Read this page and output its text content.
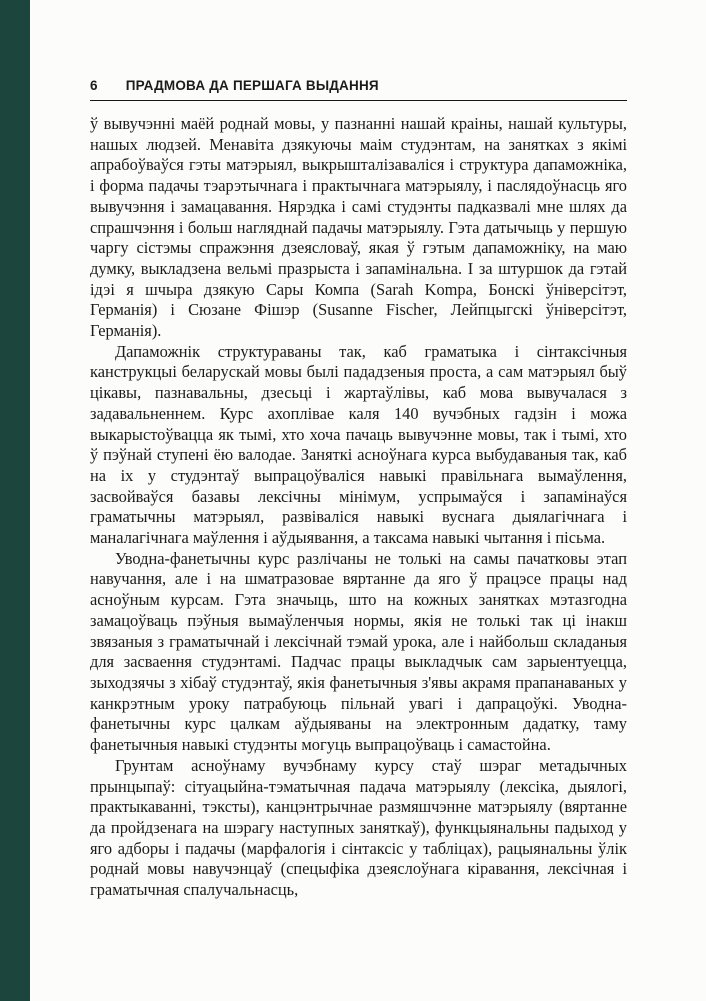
6 ПРАДМОВА ДА ПЕРШАГА ВЫДАННЯ

ў вывучэнні маёй роднай мовы, у пазнанні нашай краіны, нашай культуры, нашых людзей. Менавіта дзякуючы маім студэнтам, на занятках з якімі апрабоўваўся гэты матэрыял, выкрышталізаваліся і структура дапаможніка, і форма падачы тэарэтычнага і практычнага матэрыялу, і паслядоўнасць яго вывучэння і замацавання. Нярэдка і самі студэнты падказвалі мне шлях да спрашчэння і больш нагляднай падачы матэрыялу. Гэта датычыць у першую чаргу сістэмы спражэння дзеясловаў, якая ў гэтым дапаможніку, на маю думку, выкладзена вельмі празрыста і запамінальна. І за штуршок да гэтай ідэі я шчыра дзякую Сары Компа (Sarah Kompa, Бонскі ўніверсітэт, Германія) і Сюзане Фішэр (Susanne Fischer, Лейпцыгскі ўніверсітэт, Германія).

Дапаможнік структураваны так, каб граматыка і сінтаксічныя канструкцыі беларускай мовы былі пададзеныя проста, а сам матэрыял быў цікавы, пазнавальны, дзесьці і жартаўлівы, каб мова вывучалася з задавальненнем. Курс ахоплівае каля 140 вучэбных гадзін і можа выкарыстоўвацца як тымі, хто хоча пачаць вывучэнне мовы, так і тымі, хто ў пэўнай ступені ёю валодае. Заняткі асноўнага курса выбудаваныя так, каб на іх у студэнтаў выпрацоўваліся навыкі правільнага вымаўлення, засвойваўся базавы лексічны мінімум, успрымаўся і запамінаўся граматычны матэрыял, развіваліся навыкі вуснага дыялагічнага і маналагічнага маўлення і аўдыявання, а таксама навыкі чытання і пісьма.

Уводна-фанетычны курс разлічаны не толькі на самы пачатковы этап навучання, але і на шматразовае вяртанне да яго ў працэсе працы над асноўным курсам. Гэта значыць, што на кожных занятках мэтазгодна замацоўваць пэўныя вымаўленчыя нормы, якія не толькі так ці інакш звязаныя з граматычнай і лексічнай тэмай урока, але і найбольш складаныя для засваення студэнтамі. Падчас працы выкладчык сам зарыентуецца, зыходзячы з хібаў студэнтаў, якія фанетычныя з'явы акрамя прапанаваных у канкрэтным уроку патрабуюць пільнай увагі і дапрацоўкі. Уводна-фанетычны курс цалкам аўдыяваны на электронным дадатку, таму фанетычныя навыкі студэнты могуць выпрацоўваць і самастойна.

Грунтам асноўнаму вучэбнаму курсу стаў шэраг метадычных прынцыпаў: сітуацыйна-тэматычная падача матэрыялу (лексіка, дыялогі, практыкаванні, тэксты), канцэнтрычнае размяшчэнне матэрыялу (вяртанне да пройдзенага на шэрагу наступных заняткаў), функцыянальны падыход у яго адборы і падачы (марфалогія і сінтаксіс у табліцах), рацыянальны ўлік роднай мовы навучэнцаў (спецыфіка дзеяслоўнага кіравання, лексічная і граматычная спалучальнасць,
